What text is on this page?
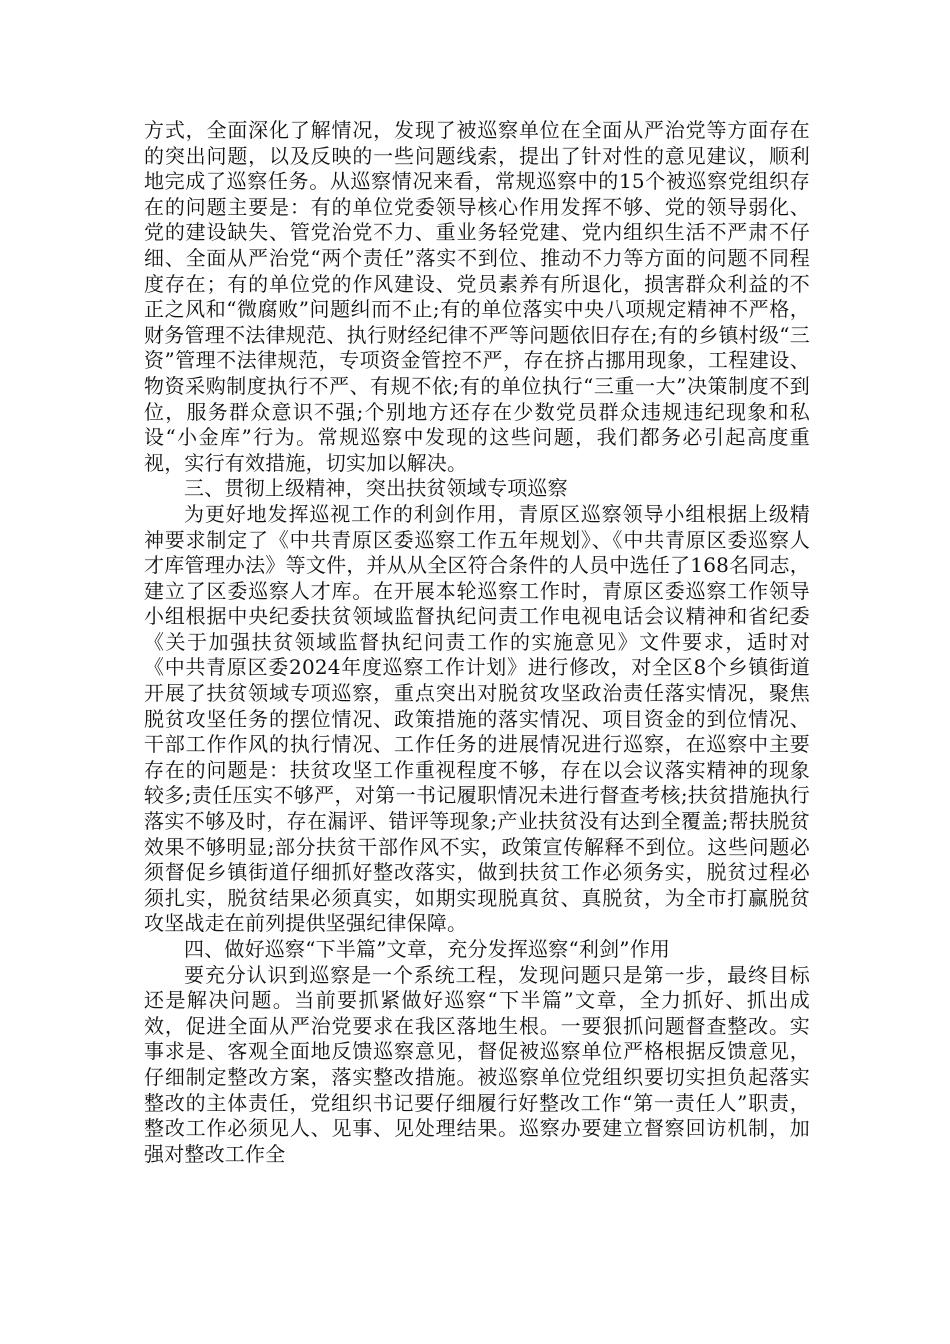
方式，全面深化了解情况，发现了被巡察单位在全面从严治党等方面存在的突出问题，以及反映的一些问题线索，提出了针对性的意见建议，顺利地完成了巡察任务。从巡察情况来看，常规巡察中的15个被巡察党组织存在的问题主要是：有的单位党委领导核心作用发挥不够、党的领导弱化、党的建设缺失、管党治党不力、重业务轻党建、党内组织生活不严肃不仔细、全面从严治党“两个责任”落实不到位、推动不力等方面的问题不同程度存在；有的单位党的作风建设、党员素养有所退化，损害群众利益的不正之风和“微腐败”问题纠而不止;有的单位落实中央八项规定精神不严格，财务管理不法律规范、执行财经纪律不严等问题依旧存在;有的乡镇村级“三资”管理不法律规范，专项资金管控不严，存在挤占挪用现象，工程建设、物资采购制度执行不严、有规不依;有的单位执行“三重一大”决策制度不到位，服务群众意识不强;个别地方还存在少数党员群众违规违纪现象和私设“小金库”行为。常规巡察中发现的这些问题，我们都务必引起高度重视，实行有效措施，切实加以解决。

三、贯彻上级精神，突出扶贫领域专项巡察

为更好地发挥巡视工作的利剑作用，青原区巡察领导小组根据上级精神要求制定了《中共青原区委巡察工作五年规划》、《中共青原区委巡察人才库管理办法》等文件，并从从全区符合条件的人员中选任了168名同志，建立了区委巡察人才库。在开展本轮巡察工作时，青原区委巡察工作领导小组根据中央纪委扶贫领域监督执纪问责工作电视电话会议精神和省纪委《关于加强扶贫领域监督执纪问责工作的实施意见》文件要求，适时对《中共青原区委2024年度巡察工作计划》进行修改，对全区8个乡镇街道开展了扶贫领域专项巡察，重点突出对脱贫攻坚政治责任落实情况，聚焦脱贫攻坚任务的摆位情况、政策措施的落实情况、项目资金的到位情况、干部工作作风的执行情况、工作任务的进展情况进行巡察，在巡察中主要存在的问题是：扶贫攻坚工作重视程度不够，存在以会议落实精神的现象较多;责任压实不够严，对第一书记履职情况未进行督查考核;扶贫措施执行落实不够及时，存在漏评、错评等现象;产业扶贫没有达到全覆盖;帮扶脱贫效果不够明显;部分扶贫干部作风不实，政策宣传解释不到位。这些问题必须督促乡镇街道仔细抓好整改落实，做到扶贫工作必须务实，脱贫过程必须扎实，脱贫结果必须真实，如期实现脱真贫、真脱贫，为全市打赢脱贫攻坚战走在前列提供坚强纪律保障。

四、做好巡察“下半篇”文章，充分发挥巡察“利剑”作用

要充分认识到巡察是一个系统工程，发现问题只是第一步，最终目标还是解决问题。当前要抓紧做好巡察“下半篇”文章，全力抓好、抓出成效，促进全面从严治党要求在我区落地生根。一要狠抓问题督查整改。实事求是、客观全面地反馈巡察意见，督促被巡察单位严格根据反馈意见，仔细制定整改方案，落实整改措施。被巡察单位党组织要切实担负起落实整改的主体责任，党组织书记要仔细履行好整改工作“第一责任人”职责，整改工作必须见人、见事、见处理结果。巡察办要建立督察回访机制，加强对整改工作全
